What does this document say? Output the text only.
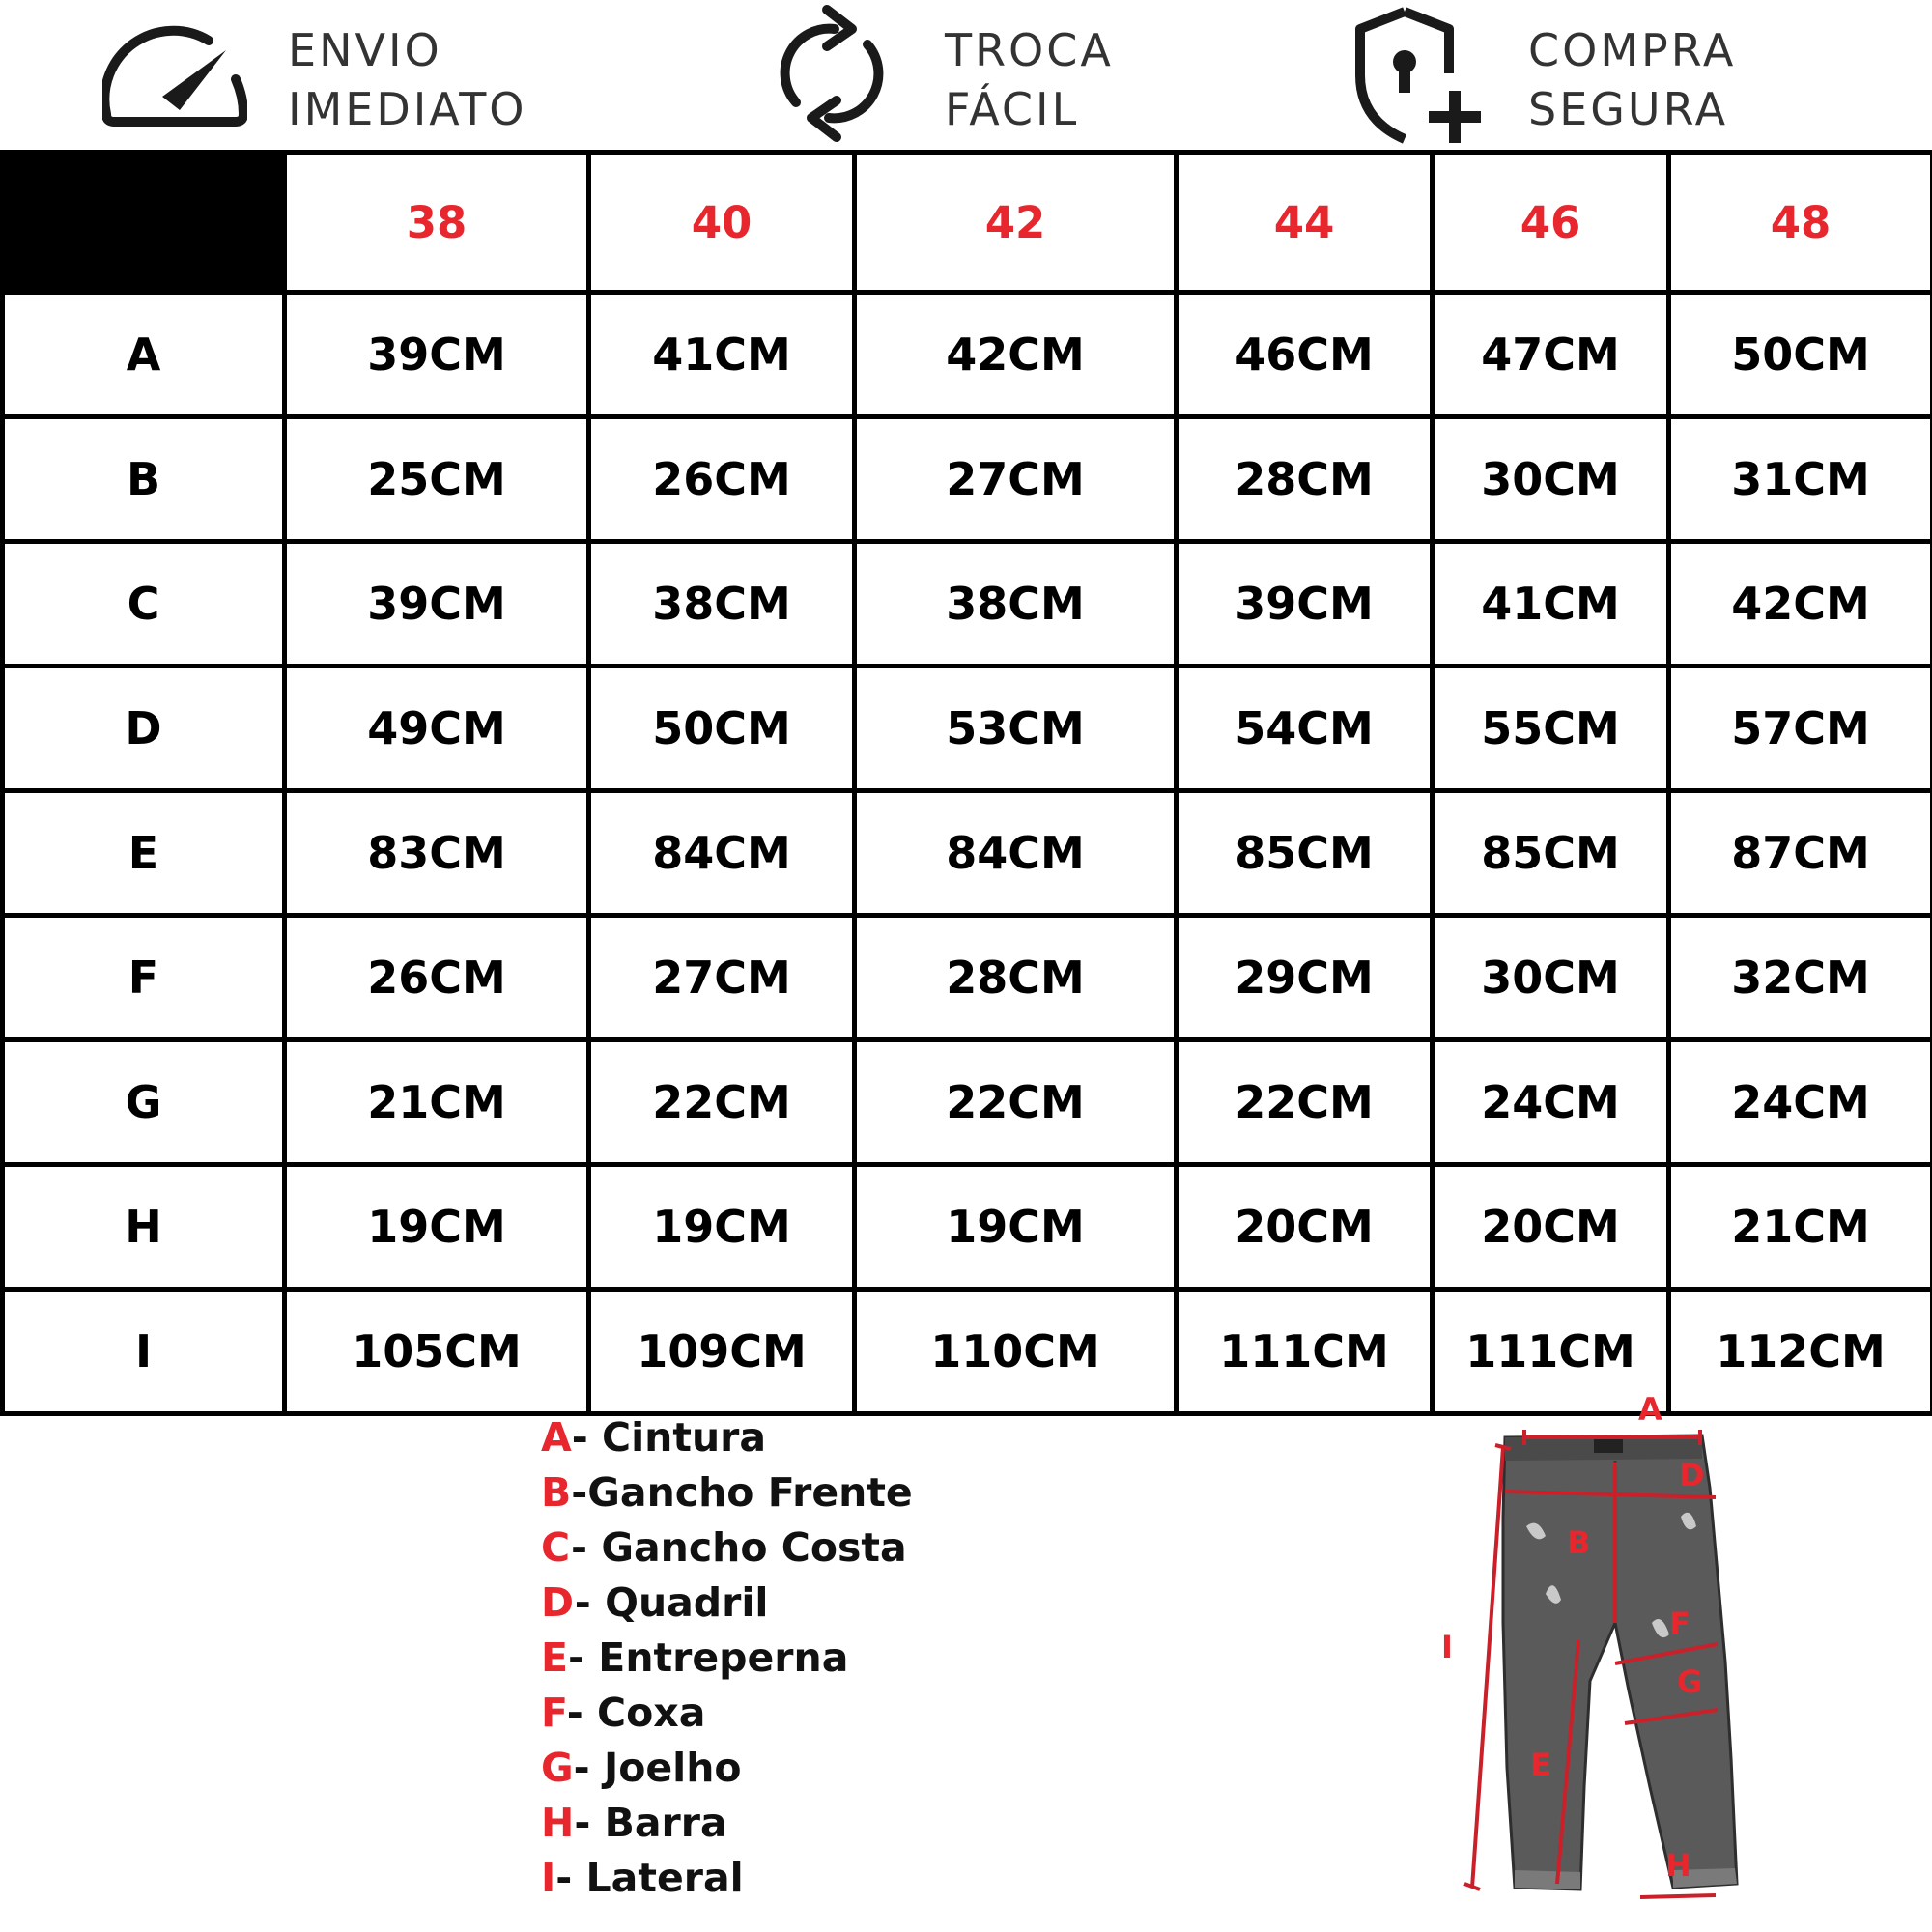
ENVIO
IMEDIATO
TROCA
FÁCIL
COMPRA
SEGURA
	38	40	42	44	46	48
A	39CM	41CM	42CM	46CM	47CM	50CM
B	25CM	26CM	27CM	28CM	30CM	31CM
C	39CM	38CM	38CM	39CM	41CM	42CM
D	49CM	50CM	53CM	54CM	55CM	57CM
E	83CM	84CM	84CM	85CM	85CM	87CM
F	26CM	27CM	28CM	29CM	30CM	32CM
G	21CM	22CM	22CM	22CM	24CM	24CM
H	19CM	19CM	19CM	20CM	20CM	21CM
I	105CM	109CM	110CM	111CM	111CM	112CM
A- Cintura
B-Gancho Frente
C- Gancho Costa
D- Quadril
E- Entreperna
F- Coxa
G- Joelho
H- Barra
I- Lateral
A
D
B
I
F
G
E
H
